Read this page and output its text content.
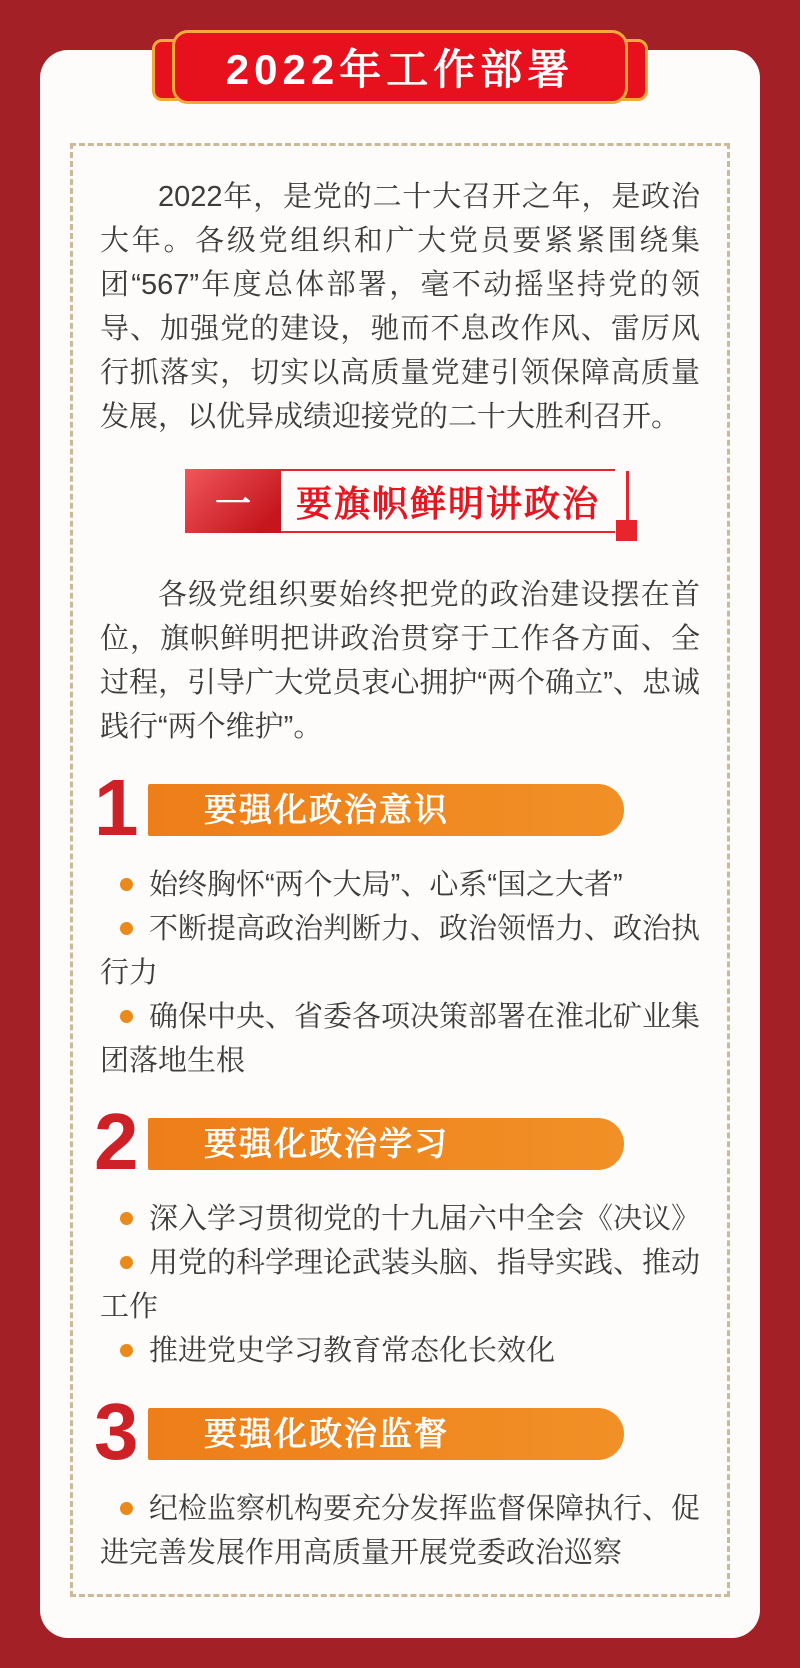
2022年，是党的二十大召开之年，是政治大年。各级党组织和广大党员要紧紧围绕集团“567”年度总体部署，毫不动摇坚持党的领导、加强党的建设，驰而不息改作风、雷厉风行抓落实，切实以高质量党建引领保障高质量发展，以优异成绩迎接党的二十大胜利召开。

一	要旗帜鲜明讲政治

各级党组织要始终把党的政治建设摆在首位，旗帜鲜明把讲政治贯穿于工作各方面、全过程，引导广大党员衷心拥护“两个确立”、忠诚践行“两个维护”。

1	要强化政治意识

始终胸怀“两个大局”、心系“国之大者”

不断提高政治判断力、政治领悟力、政治执行力

确保中央、省委各项决策部署在淮北矿业集团落地生根

2	要强化政治学习

深入学习贯彻党的十九届六中全会《决议》

用党的科学理论武装头脑、指导实践、推动工作

推进党史学习教育常态化长效化

3	要强化政治监督

纪检监察机构要充分发挥监督保障执行、促进完善发展作用高质量开展党委政治巡察

2022年工作部署
